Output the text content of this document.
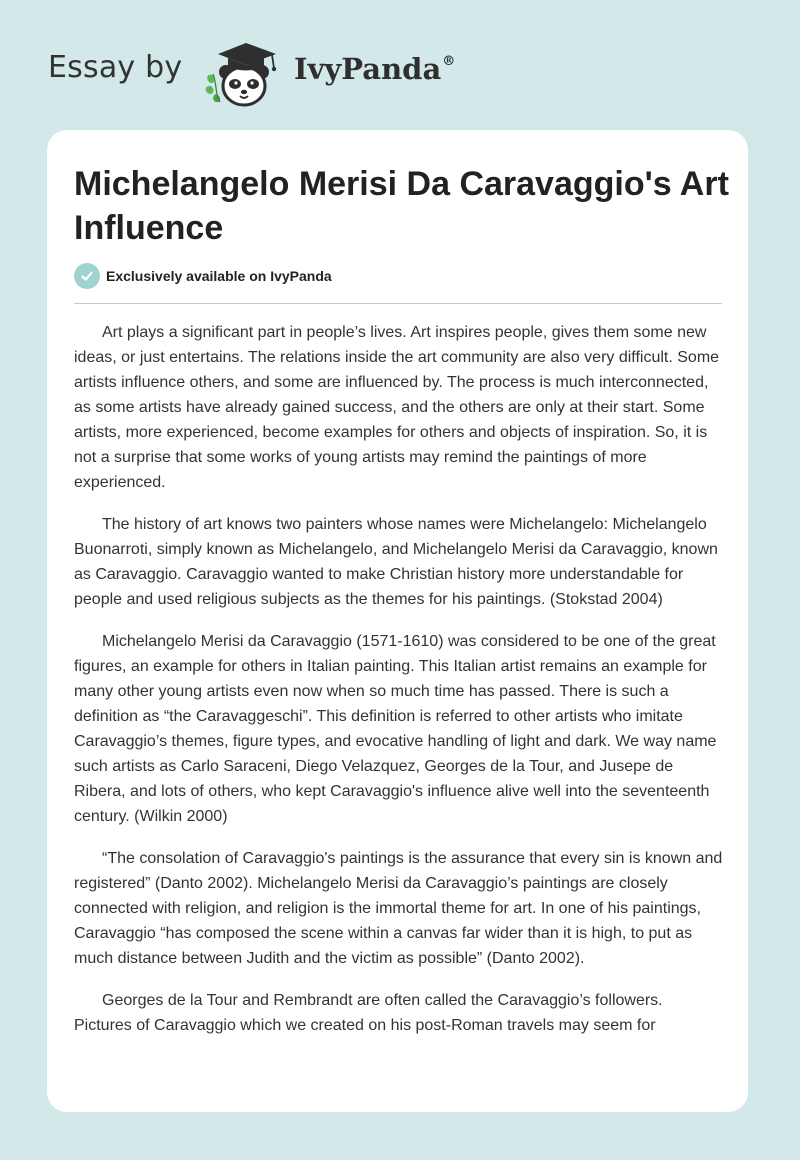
Essay by	IvyPanda®
Michelangelo Merisi Da Caravaggio's Art Influence
Exclusively available on IvyPanda

Art plays a significant part in people’s lives. Art inspires people, gives them some new ideas, or just entertains. The relations inside the art community are also very difficult. Some artists influence others, and some are influenced by. The process is much interconnected, as some artists have already gained success, and the others are only at their start. Some artists, more experienced, become examples for others and objects of inspiration. So, it is not a surprise that some works of young artists may remind the paintings of more experienced.

The history of art knows two painters whose names were Michelangelo: Michelangelo Buonarroti, simply known as Michelangelo, and Michelangelo Merisi da Caravaggio, known as Caravaggio. Caravaggio wanted to make Christian history more understandable for people and used religious subjects as the themes for his paintings. (Stokstad 2004)

Michelangelo Merisi da Caravaggio (1571-1610) was considered to be one of the great figures, an example for others in Italian painting. This Italian artist remains an example for many other young artists even now when so much time has passed. There is such a definition as “the Caravaggeschi”. This definition is referred to other artists who imitate Caravaggio’s themes, figure types, and evocative handling of light and dark. We way name such artists as Carlo Saraceni, Diego Velazquez, Georges de la Tour, and Jusepe de Ribera, and lots of others, who kept Caravaggio's influence alive well into the seventeenth century. (Wilkin 2000)

“The consolation of Caravaggio's paintings is the assurance that every sin is known and registered” (Danto 2002). Michelangelo Merisi da Caravaggio’s paintings are closely connected with religion, and religion is the immortal theme for art. In one of his paintings, Caravaggio “has composed the scene within a canvas far wider than it is high, to put as much distance between Judith and the victim as possible” (Danto 2002).

Georges de la Tour and Rembrandt are often called the Caravaggio’s followers. Pictures of Caravaggio which we created on his post-Roman travels may seem for
